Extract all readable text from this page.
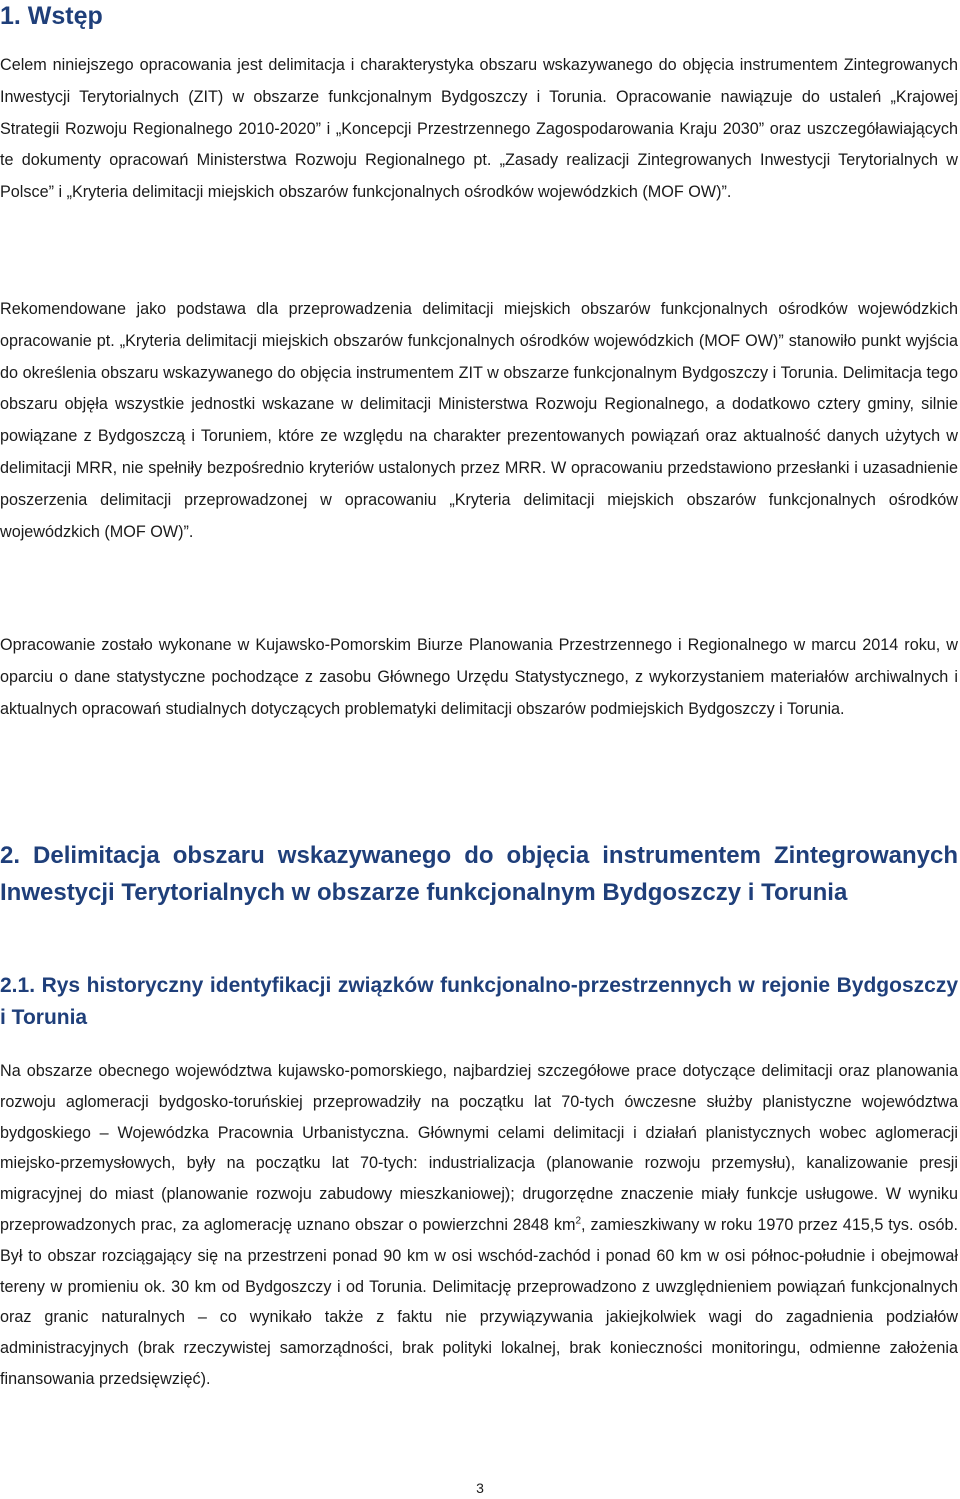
1. Wstęp

Celem niniejszego opracowania jest delimitacja i charakterystyka obszaru wskazywanego do objęcia instrumentem Zintegrowanych Inwestycji Terytorialnych (ZIT) w obszarze funkcjonalnym Bydgoszczy i Torunia. Opracowanie nawiązuje do ustaleń „Krajowej Strategii Rozwoju Regionalnego 2010-2020” i „Koncepcji Przestrzennego Zagospodarowania Kraju 2030” oraz uszczegóławiających te dokumenty opracowań Ministerstwa Rozwoju Regionalnego pt. „Zasady realizacji Zintegrowanych Inwestycji Terytorialnych w Polsce” i „Kryteria delimitacji miejskich obszarów funkcjonalnych ośrodków wojewódzkich (MOF OW)”.

Rekomendowane jako podstawa dla przeprowadzenia delimitacji miejskich obszarów funkcjonalnych ośrodków wojewódzkich opracowanie pt. „Kryteria delimitacji miejskich obszarów funkcjonalnych ośrodków wojewódzkich (MOF OW)” stanowiło punkt wyjścia do określenia obszaru wskazywanego do objęcia instrumentem ZIT w obszarze funkcjonalnym Bydgoszczy i Torunia. Delimitacja tego obszaru objęła wszystkie jednostki wskazane w delimitacji Ministerstwa Rozwoju Regionalnego, a dodatkowo cztery gminy, silnie powiązane z Bydgoszczą i Toruniem, które ze względu na charakter prezentowanych powiązań oraz aktualność danych użytych w delimitacji MRR, nie spełniły bezpośrednio kryteriów ustalonych przez MRR. W opracowaniu przedstawiono przesłanki i uzasadnienie poszerzenia delimitacji przeprowadzonej w opracowaniu „Kryteria delimitacji miejskich obszarów funkcjonalnych ośrodków wojewódzkich (MOF OW)”.

Opracowanie zostało wykonane w Kujawsko-Pomorskim Biurze Planowania Przestrzennego i Regionalnego w marcu 2014 roku, w oparciu o dane statystyczne pochodzące z zasobu Głównego Urzędu Statystycznego, z wykorzystaniem materiałów archiwalnych i aktualnych opracowań studialnych dotyczących problematyki delimitacji obszarów podmiejskich Bydgoszczy i Torunia.

2. Delimitacja obszaru wskazywanego do objęcia instrumentem Zintegrowanych Inwestycji Terytorialnych w obszarze funkcjonalnym Bydgoszczy i Torunia
2.1. Rys historyczny identyfikacji związków funkcjonalno-przestrzennych w rejonie Bydgoszczy i Torunia

Na obszarze obecnego województwa kujawsko-pomorskiego, najbardziej szczegółowe prace dotyczące delimitacji oraz planowania rozwoju aglomeracji bydgosko-toruńskiej przeprowadziły na początku lat 70-tych ówczesne służby planistyczne województwa bydgoskiego – Wojewódzka Pracownia Urbanistyczna. Głównymi celami delimitacji i działań planistycznych wobec aglomeracji miejsko-przemysłowych, były na początku lat 70-tych: industrializacja (planowanie rozwoju przemysłu), kanalizowanie presji migracyjnej do miast (planowanie rozwoju zabudowy mieszkaniowej); drugorzędne znaczenie miały funkcje usługowe. W wyniku przeprowadzonych prac, za aglomerację uznano obszar o powierzchni 2848 $km^2$, zamieszkiwany w roku 1970 przez 415,5 tys. osób. Był to obszar rozciągający się na przestrzeni ponad 90 km w osi wschód-zachód i ponad 60 km w osi północ-południe i obejmował tereny w promieniu ok. 30 km od Bydgoszczy i od Torunia. Delimitację przeprowadzono z uwzględnieniem powiązań funkcjonalnych oraz granic naturalnych – co wynikało także z faktu nie przywiązywania jakiejkolwiek wagi do zagadnienia podziałów administracyjnych (brak rzeczywistej samorządności, brak polityki lokalnej, brak konieczności monitoringu, odmienne założenia finansowania przedsięwzięć).

3
